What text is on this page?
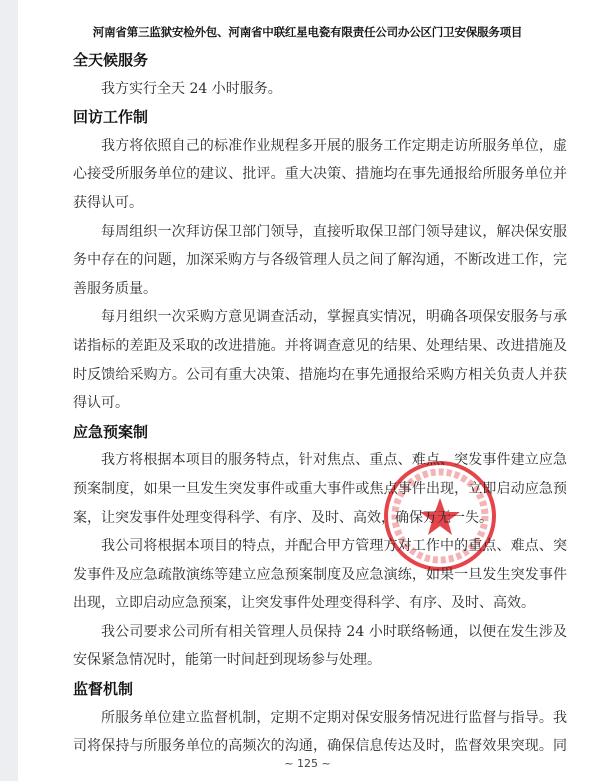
河南省第三监狱安检外包、河南省中联红星电瓷有限责任公司办公区门卫安保服务项目
全天候服务
我方实行全天 24 小时服务。
回访工作制
我方将依照自己的标准作业规程多开展的服务工作定期走访所服务单位，虚
心接受所服务单位的建议、批评。重大决策、措施均在事先通报给所服务单位并
获得认可。
每周组织一次拜访保卫部门领导，直接听取保卫部门领导建议，解决保安服
务中存在的问题，加深采购方与各级管理人员之间了解沟通，不断改进工作，完
善服务质量。
每月组织一次采购方意见调查活动，掌握真实情况，明确各项保安服务与承
诺指标的差距及采取的改进措施。并将调查意见的结果、处理结果、改进措施及
时反馈给采购方。公司有重大决策、措施均在事先通报给采购方相关负责人并获
得认可。
应急预案制
我方将根据本项目的服务特点，针对焦点、重点、难点、突发事件建立应急
预案制度，如果一旦发生突发事件或重大事件或焦点事件出现，立即启动应急预
案，让突发事件处理变得科学、有序、及时、高效，确保万无一失。
我公司将根据本项目的特点，并配合甲方管理方对工作中的重点、难点、突
发事件及应急疏散演练等建立应急预案制度及应急演练，如果一旦发生突发事件
出现，立即启动应急预案，让突发事件处理变得科学、有序、及时、高效。
我公司要求公司所有相关管理人员保持 24 小时联络畅通，以便在发生涉及
安保紧急情况时，能第一时间赶到现场参与处理。
监督机制
所服务单位建立监督机制，定期不定期对保安服务情况进行监督与指导。我
司将保持与所服务单位的高频次的沟通，确保信息传达及时，监督效果突现。同
~ 125 ~
